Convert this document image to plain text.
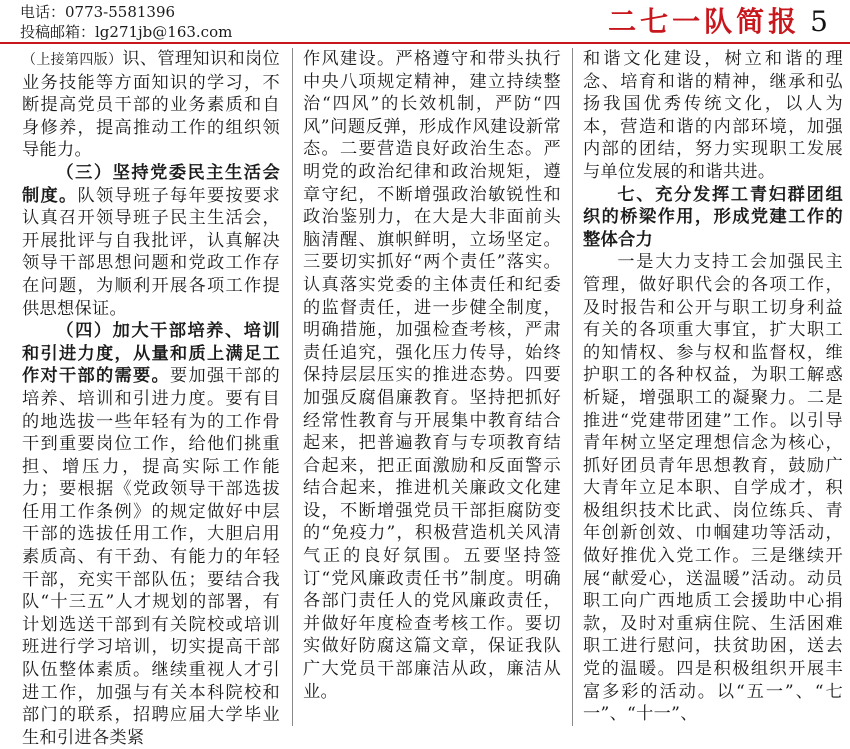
电话：0773-5581396
投稿邮箱：lg271jb@163.com	二七一队简报 5

（上接第四版）识、管理知识和岗位业务技能等方面知识的学习，不断提高党员干部的业务素质和自身修养，提高推动工作的组织领导能力。

（三）坚持党委民主生活会制度。队领导班子每年要按要求认真召开领导班子民主生活会，开展批评与自我批评，认真解决领导干部思想问题和党政工作存在问题，为顺利开展各项工作提供思想保证。

（四）加大干部培养、培训和引进力度，从量和质上满足工作对干部的需要。要加强干部的培养、培训和引进力度。要有目的地选拔一些年轻有为的工作骨干到重要岗位工作，给他们挑重担、增压力，提高实际工作能力；要根据《党政领导干部选拔任用工作条例》的规定做好中层干部的选拔任用工作，大胆启用素质高、有干劲、有能力的年轻干部，充实干部队伍；要结合我队“十三五”人才规划的部署，有计划选送干部到有关院校或培训班进行学习培训，切实提高干部队伍整体素质。继续重视人才引进工作，加强与有关本科院校和部门的联系，招聘应届大学毕业生和引进各类紧

作风建设。严格遵守和带头执行中央八项规定精神，建立持续整治“四风”的长效机制，严防“四风”问题反弹，形成作风建设新常态。二要营造良好政治生态。严明党的政治纪律和政治规矩，遵章守纪，不断增强政治敏锐性和政治鉴别力，在大是大非面前头脑清醒、旗帜鲜明，立场坚定。三要切实抓好“两个责任”落实。认真落实党委的主体责任和纪委的监督责任，进一步健全制度，明确措施，加强检查考核，严肃责任追究，强化压力传导，始终保持层层压实的推进态势。四要加强反腐倡廉教育。坚持把抓好经常性教育与开展集中教育结合起来，把普遍教育与专项教育结合起来，把正面激励和反面警示结合起来，推进机关廉政文化建设，不断增强党员干部拒腐防变的“免疫力”，积极营造机关风清气正的良好氛围。五要坚持签订“党风廉政责任书”制度。明确各部门责任人的党风廉政责任，并做好年度检查考核工作。要切实做好防腐这篇文章，保证我队广大党员干部廉洁从政，廉洁从业。

和谐文化建设，树立和谐的理念、培育和谐的精神，继承和弘扬我国优秀传统文化，以人为本，营造和谐的内部环境，加强内部的团结，努力实现职工发展与单位发展的和谐共进。

七、充分发挥工青妇群团组织的桥梁作用，形成党建工作的整体合力

一是大力支持工会加强民主管理，做好职代会的各项工作，及时报告和公开与职工切身利益有关的各项重大事宜，扩大职工的知情权、参与权和监督权，维护职工的各种权益，为职工解惑析疑，增强职工的凝聚力。二是推进“党建带团建”工作。以引导青年树立坚定理想信念为核心，抓好团员青年思想教育，鼓励广大青年立足本职、自学成才，积极组织技术比武、岗位练兵、青年创新创效、巾帼建功等活动，做好推优入党工作。三是继续开展“献爱心，送温暖”活动。动员职工向广西地质工会援助中心捐款，及时对重病住院、生活困难职工进行慰问，扶贫助困，送去党的温暖。四是积极组织开展丰富多彩的活动。以“五一”、“七一”、“十一”、
